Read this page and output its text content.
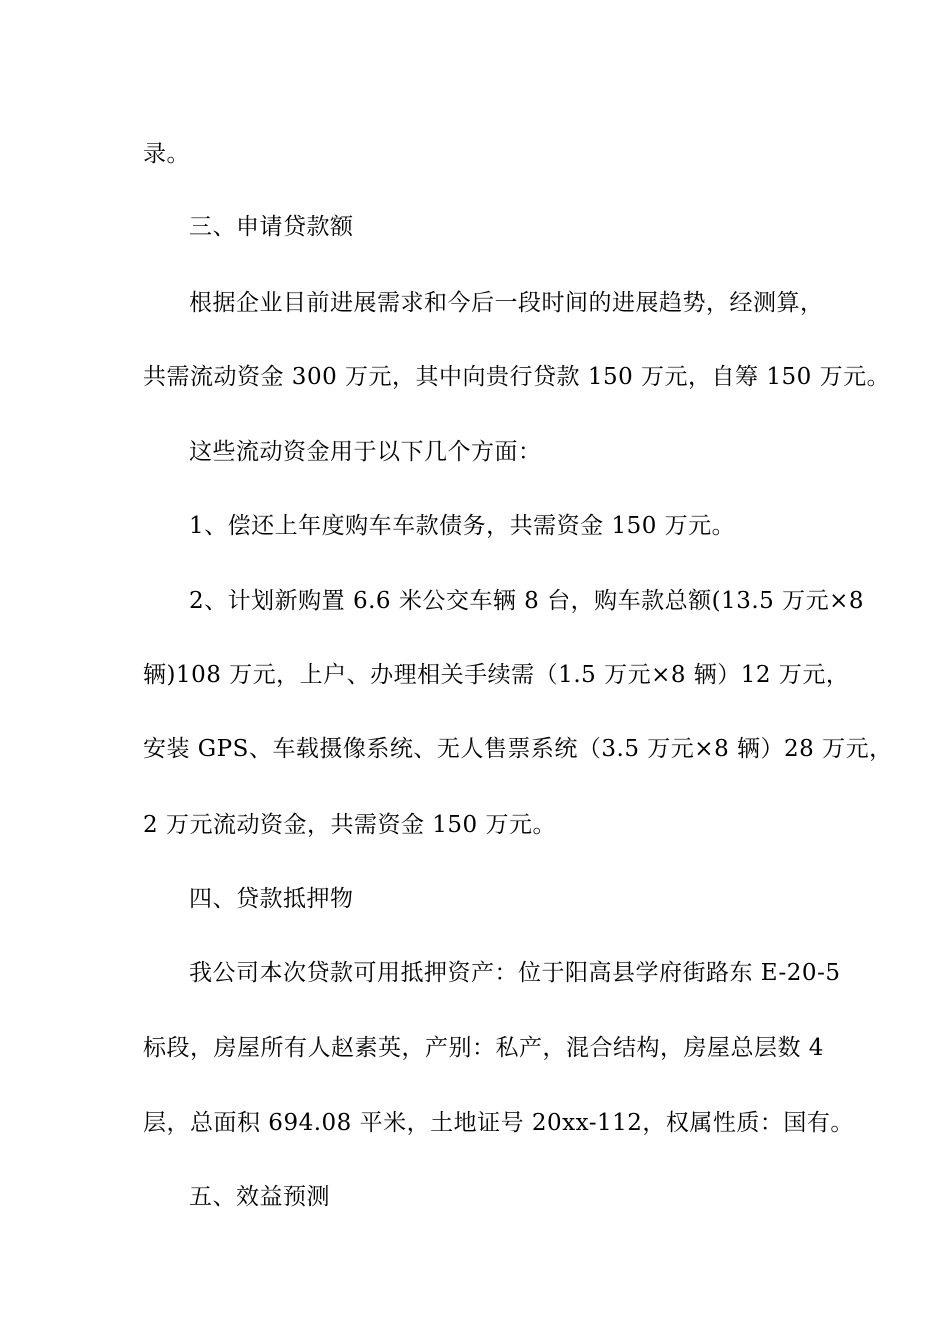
录。
三、申请贷款额
根据企业目前进展需求和今后一段时间的进展趋势，经测算，
共需流动资金 300 万元，其中向贵行贷款 150 万元，自筹 150 万元。
这些流动资金用于以下几个方面：
1、偿还上年度购车车款债务，共需资金 150 万元。
2、计划新购置 6.6 米公交车辆 8 台，购车款总额(13.5 万元×8
辆)108 万元，上户、办理相关手续需（1.5 万元×8 辆）12 万元，
安装 GPS、车载摄像系统、无人售票系统（3.5 万元×8 辆）28 万元，
2 万元流动资金，共需资金 150 万元。
四、贷款抵押物
我公司本次贷款可用抵押资产：位于阳高县学府街路东 E-20-5
标段，房屋所有人赵素英，产别：私产，混合结构，房屋总层数 4
层，总面积 694.08 平米，土地证号 20xx-112，权属性质：国有。
五、效益预测
